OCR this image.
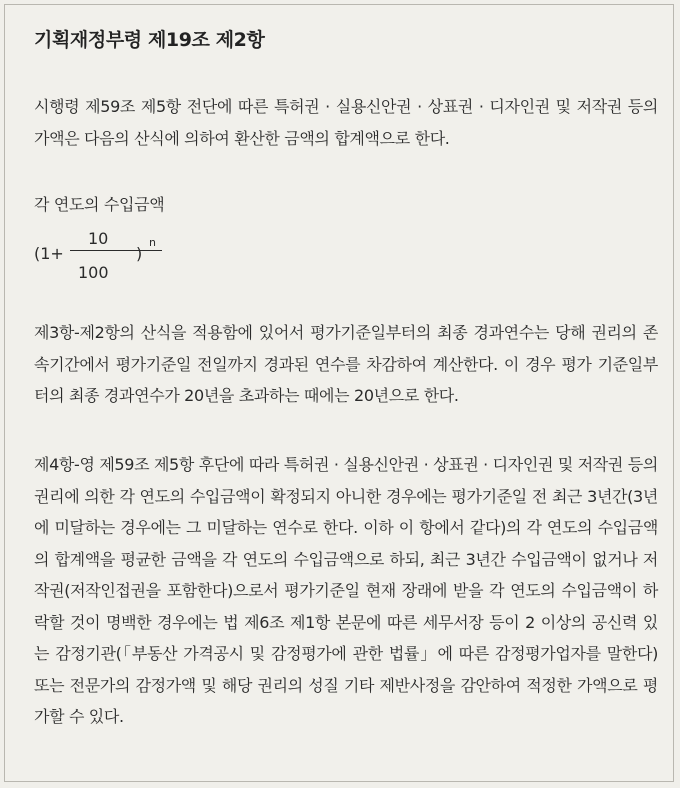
기획재정부령 제19조 제2항
시행령 제59조 제5항 전단에 따른 특허권 · 실용신안권 · 상표권 · 디자인권 및 저작권 등의 가액은 다음의 산식에 의하여 환산한 금액의 합계액으로 한다.
각 연도의 수입금액
(1+
10
100
)
n
제3항-제2항의 산식을 적용함에 있어서 평가기준일부터의 최종 경과연수는 당해 권리의 존속기간에서 평가기준일 전일까지 경과된 연수를 차감하여 계산한다. 이 경우 평가 기준일부터의 최종 경과연수가 20년을 초과하는 때에는 20년으로 한다.
제4항-영 제59조 제5항 후단에 따라 특허권 · 실용신안권 · 상표권 · 디자인권 및 저작권 등의 권리에 의한 각 연도의 수입금액이 확정되지 아니한 경우에는 평가기준일 전 최근 3년간(3년에 미달하는 경우에는 그 미달하는 연수로 한다. 이하 이 항에서 같다)의 각 연도의 수입금액의 합계액을 평균한 금액을 각 연도의 수입금액으로 하되, 최근 3년간 수입금액이 없거나 저작권(저작인접권을 포함한다)으로서 평가기준일 현재 장래에 받을 각 연도의 수입금액이 하락할 것이 명백한 경우에는 법 제6조 제1항 본문에 따른 세무서장 등이 2 이상의 공신력 있는 감정기관(「부동산 가격공시 및 감정평가에 관한 법률」에 따른 감정평가업자를 말한다) 또는 전문가의 감정가액 및 해당 권리의 성질 기타 제반사정을 감안하여 적정한 가액으로 평가할 수 있다.
